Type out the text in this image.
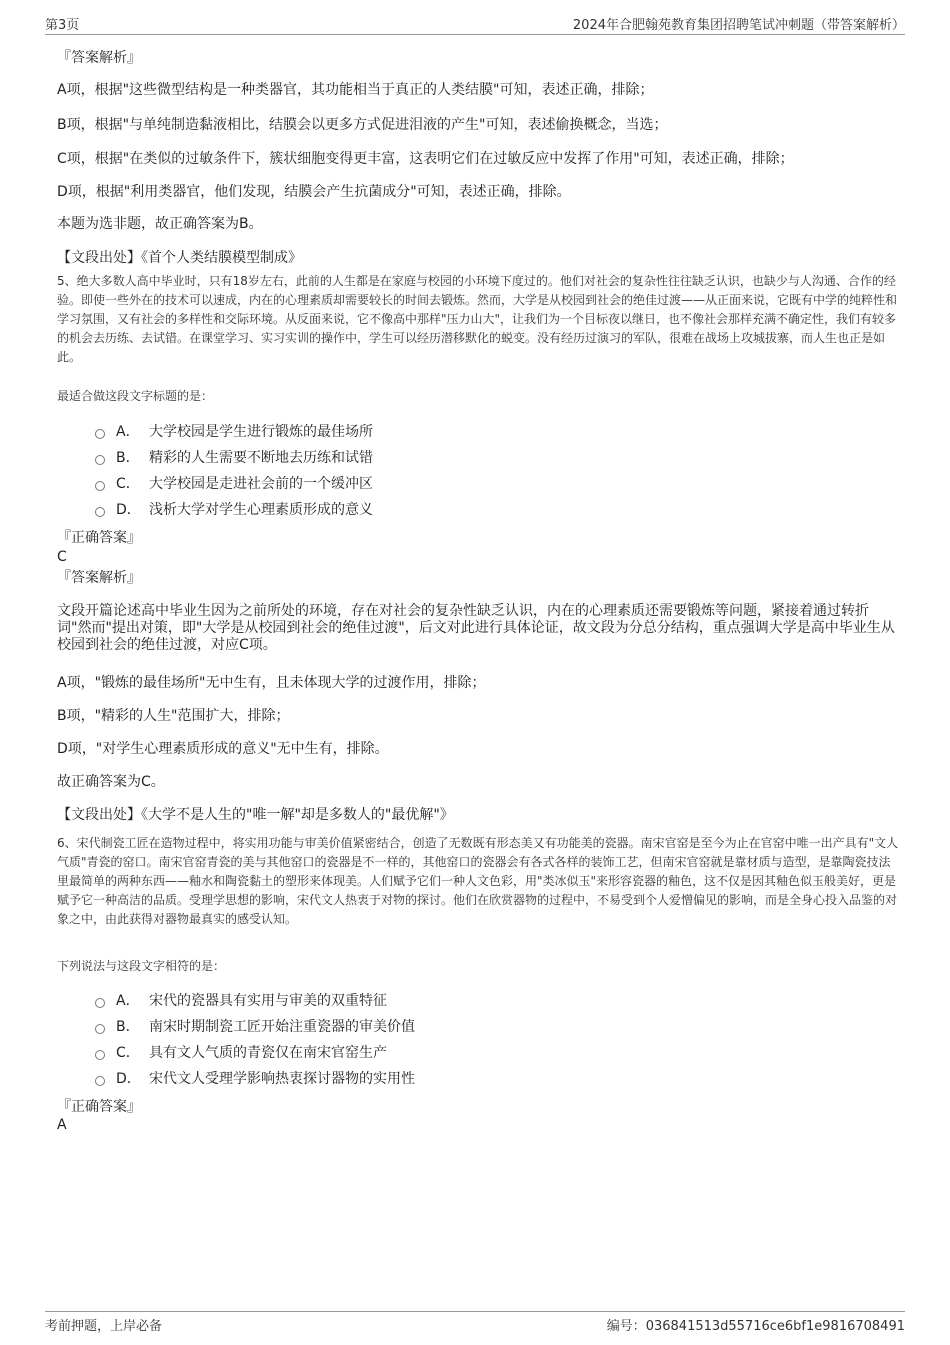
第3页	2024年合肥翰苑教育集团招聘笔试冲刺题（带答案解析）
『答案解析』
A项，根据"这些微型结构是一种类器官，其功能相当于真正的人类结膜"可知，表述正确，排除；
B项，根据"与单纯制造黏液相比，结膜会以更多方式促进泪液的产生"可知，表述偷换概念，当选；
C项，根据"在类似的过敏条件下，簇状细胞变得更丰富，这表明它们在过敏反应中发挥了作用"可知，表述正确，排除；
D项，根据"利用类器官，他们发现，结膜会产生抗菌成分"可知，表述正确，排除。
本题为选非题，故正确答案为B。
【文段出处】《首个人类结膜模型制成》
5、绝大多数人高中毕业时，只有18岁左右，此前的人生都是在家庭与校园的小环境下度过的。他们对社会的复杂性往往缺乏认识，也缺少与人沟通、合作的经验。即使一些外在的技术可以速成，内在的心理素质却需要较长的时间去锻炼。然而，大学是从校园到社会的绝佳过渡——从正面来说，它既有中学的纯粹性和学习氛围，又有社会的多样性和交际环境。从反面来说，它不像高中那样"压力山大"，让我们为一个目标夜以继日，也不像社会那样充满不确定性，我们有较多的机会去历练、去试错。在课堂学习、实习实训的操作中，学生可以经历潜移默化的蜕变。没有经历过演习的军队，很难在战场上攻城拔寨，而人生也正是如此。
最适合做这段文字标题的是：
A． 大学校园是学生进行锻炼的最佳场所
B． 精彩的人生需要不断地去历练和试错
C． 大学校园是走进社会前的一个缓冲区
D． 浅析大学对学生心理素质形成的意义
『正确答案』
C
『答案解析』
文段开篇论述高中毕业生因为之前所处的环境，存在对社会的复杂性缺乏认识，内在的心理素质还需要锻炼等问题，紧接着通过转折词"然而"提出对策，即"大学是从校园到社会的绝佳过渡"，后文对此进行具体论证，故文段为分总分结构，重点强调大学是高中毕业生从校园到社会的绝佳过渡，对应C项。
A项，"锻炼的最佳场所"无中生有，且未体现大学的过渡作用，排除；
B项，"精彩的人生"范围扩大，排除；
D项，"对学生心理素质形成的意义"无中生有，排除。
故正确答案为C。
【文段出处】《大学不是人生的"唯一解"却是多数人的"最优解"》
6、宋代制瓷工匠在造物过程中，将实用功能与审美价值紧密结合，创造了无数既有形态美又有功能美的瓷器。南宋官窑是至今为止在官窑中唯一出产具有"文人气质"青瓷的窑口。南宋官窑青瓷的美与其他窑口的瓷器是不一样的，其他窑口的瓷器会有各式各样的装饰工艺，但南宋官窑就是靠材质与造型，是靠陶瓷技法里最简单的两种东西——釉水和陶瓷黏土的塑形来体现美。人们赋予它们一种人文色彩，用"类冰似玉"来形容瓷器的釉色，这不仅是因其釉色似玉般美好，更是赋予它一种高洁的品质。受理学思想的影响，宋代文人热衷于对物的探讨。他们在欣赏器物的过程中，不易受到个人爱憎偏见的影响，而是全身心投入品鉴的对象之中，由此获得对器物最真实的感受认知。
下列说法与这段文字相符的是：
A． 宋代的瓷器具有实用与审美的双重特征
B． 南宋时期制瓷工匠开始注重瓷器的审美价值
C． 具有文人气质的青瓷仅在南宋官窑生产
D． 宋代文人受理学影响热衷探讨器物的实用性
『正确答案』
A
考前押题，上岸必备	编号：036841513d55716ce6bf1e9816708491
